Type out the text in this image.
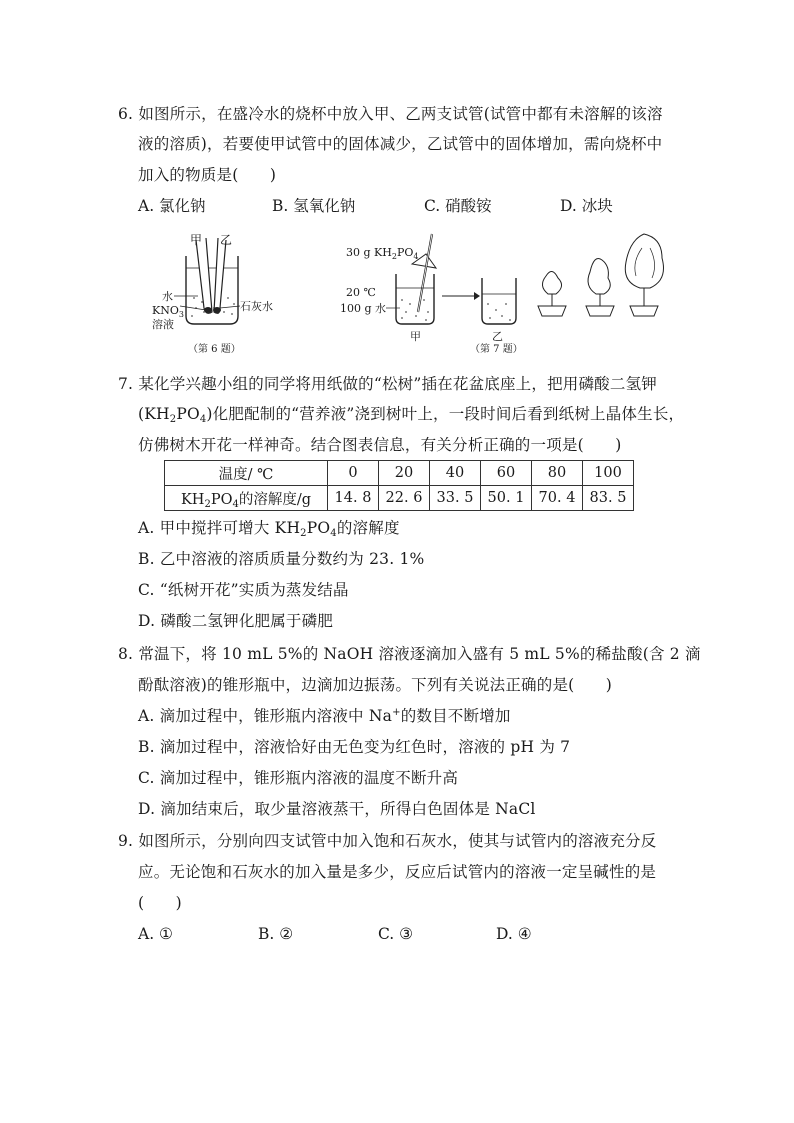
6. 如图所示，在盛冷水的烧杯中放入甲、乙两支试管(试管中都有未溶解的该溶
液的溶质)，若要使甲试管中的固体减少，乙试管中的固体增加，需向烧杯中
加入的物质是(　　)
A. 氯化钠	B. 氢氧化钠	C. 硝酸铵	D. 冰块
甲 乙
水
$KNO_3$
溶液
石灰水
（第 6 题）
30 g $KH_2PO_4$
20 ℃
100 g 水
甲	乙
（第 7 题）
7. 某化学兴趣小组的同学将用纸做的“松树”插在花盆底座上，把用磷酸二氢钾
$(KH_2PO_4)$化肥配制的“营养液”浇到树叶上，一段时间后看到纸树上晶体生长，
仿佛树木开花一样神奇。结合图表信息，有关分析正确的一项是(　　)
温度/ ℃	0	20	40	60	80	100
$KH_2PO_4$的溶解度/g	14. 8	22. 6	33. 5	50. 1	70. 4	83. 5
A. 甲中搅拌可增大 $KH_2PO_4$的溶解度
B. 乙中溶液的溶质质量分数约为 23. 1%
C. “纸树开花”实质为蒸发结晶
D. 磷酸二氢钾化肥属于磷肥
8. 常温下，将 10 mL 5%的 NaOH 溶液逐滴加入盛有 5 mL 5%的稀盐酸(含 2 滴
酚酞溶液)的锥形瓶中，边滴加边振荡。下列有关说法正确的是(　　)
A. 滴加过程中，锥形瓶内溶液中 Na+的数目不断增加
B. 滴加过程中，溶液恰好由无色变为红色时，溶液的 pH 为 7
C. 滴加过程中，锥形瓶内溶液的温度不断升高
D. 滴加结束后，取少量溶液蒸干，所得白色固体是 NaCl
9. 如图所示，分别向四支试管中加入饱和石灰水，使其与试管内的溶液充分反
应。无论饱和石灰水的加入量是多少，反应后试管内的溶液一定呈碱性的是
(　　)
A. ①	B. ②	C. ③	D. ④
